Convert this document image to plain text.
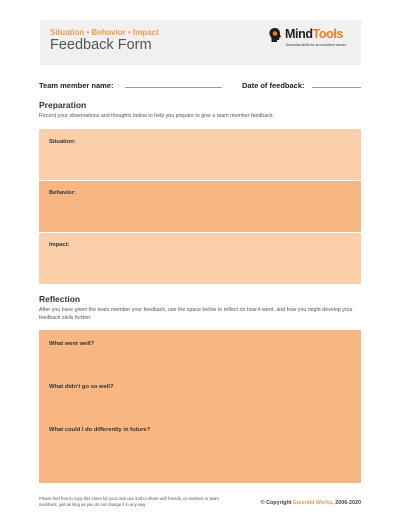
Situation • Behavior • Impact
Feedback Form
MindTools
Essential skills for an excellent career
Team member name:	Date of feedback:
Preparation
Record your observations and thoughts below to help you prepare to give a team member feedback.
Situation:
Behavior:
Impact:
Reflection
After you have given the team member your feedback, use the space below to reflect on how it went, and how you might develop your feedback skills further.
What went well?
What didn't go so well?
What could I do differently in future?
Please feel free to copy this sheet for your own use and to share with friends, co-workers or team members, just as long as you do not change it in any way.	© Copyright Emerald Works, 2006-2020
